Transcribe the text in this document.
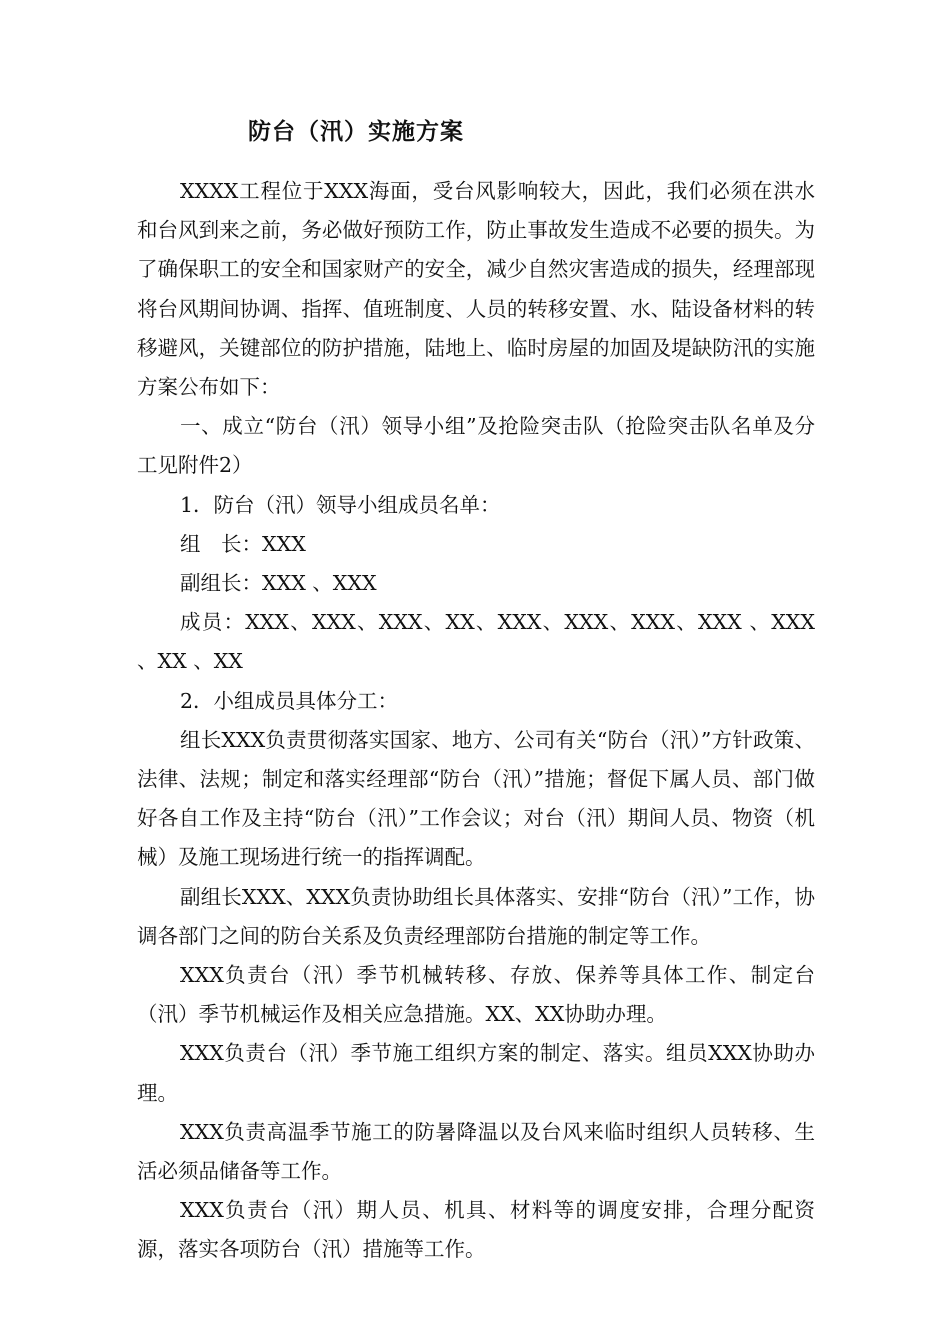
防台（汛）实施方案

XXXX工程位于XXX海面，受台风影响较大，因此，我们必须在洪水和台风到来之前，务必做好预防工作，防止事故发生造成不必要的损失。为了确保职工的安全和国家财产的安全，减少自然灾害造成的损失，经理部现将台风期间协调、指挥、值班制度、人员的转移安置、水、陆设备材料的转移避风，关键部位的防护措施，陆地上、临时房屋的加固及堤缺防汛的实施方案公布如下：

一、成立“防台（汛）领导小组”及抢险突击队（抢险突击队名单及分工见附件2）

1．防台（汛）领导小组成员名单：

组　长：XXX

副组长：XXX 、XXX

成员：XXX、XXX、XXX、XX、XXX、XXX、XXX、XXX 、XXX 、XX 、XX

2．小组成员具体分工：

组长XXX负责贯彻落实国家、地方、公司有关“防台（汛）”方针政策、法律、法规；制定和落实经理部“防台（汛）”措施；督促下属人员、部门做好各自工作及主持“防台（汛）”工作会议；对台（汛）期间人员、物资（机械）及施工现场进行统一的指挥调配。

副组长XXX、XXX负责协助组长具体落实、安排“防台（汛）”工作，协调各部门之间的防台关系及负责经理部防台措施的制定等工作。

XXX负责台（汛）季节机械转移、存放、保养等具体工作、制定台（汛）季节机械运作及相关应急措施。XX、XX协助办理。

XXX负责台（汛）季节施工组织方案的制定、落实。组员XXX协助办理。

XXX负责高温季节施工的防暑降温以及台风来临时组织人员转移、生活必须品储备等工作。

XXX负责台（汛）期人员、机具、材料等的调度安排，合理分配资源，落实各项防台（汛）措施等工作。
